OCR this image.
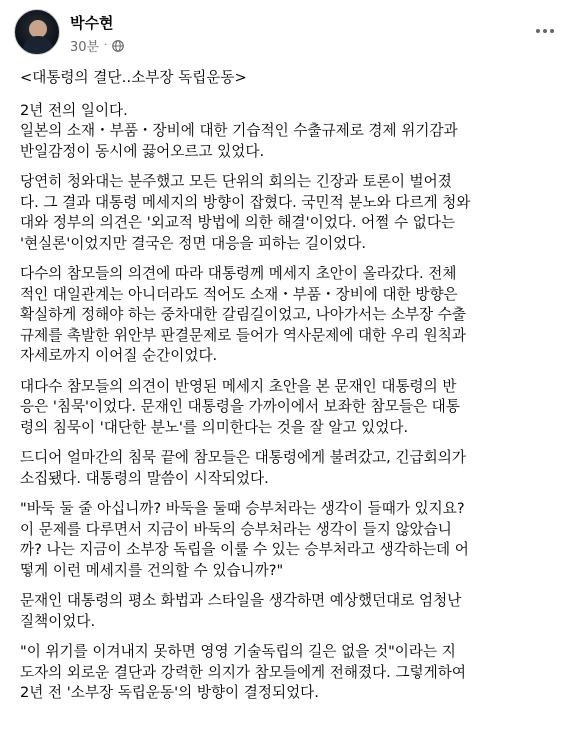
박수현
30분 ·

<대통령의 결단‥소부장 독립운동>

2년 전의 일이다.
일본의 소재・부품・장비에 대한 기습적인 수출규제로 경제 위기감과
반일감정이 동시에 끓어오르고 있었다.

당연히 청와대는 분주했고 모든 단위의 회의는 긴장과 토론이 벌어졌
다. 그 결과 대통령 메세지의 방향이 잡혔다. 국민적 분노와 다르게 청와
대와 정부의 의견은 '외교적 방법에 의한 해결'이었다. 어쩔 수 없다는
'현실론'이었지만 결국은 정면 대응을 피하는 길이었다.

다수의 참모들의 의견에 따라 대통령께 메세지 초안이 올라갔다. 전체
적인 대일관계는 아니더라도 적어도 소재・부품・장비에 대한 방향은
확실하게 정해야 하는 중차대한 갈림길이었고, 나아가서는 소부장 수출
규제를 촉발한 위안부 판결문제로 들어가 역사문제에 대한 우리 원칙과
자세로까지 이어질 순간이었다.

대다수 참모들의 의견이 반영된 메세지 초안을 본 문재인 대통령의 반
응은 '침묵'이었다. 문재인 대통령을 가까이에서 보좌한 참모들은 대통
령의 침묵이 '대단한 분노'를 의미한다는 것을 잘 알고 있었다.

드디어 얼마간의 침묵 끝에 참모들은 대통령에게 불려갔고, 긴급회의가
소집됐다. 대통령의 말씀이 시작되었다.

"바둑 둘 줄 아십니까? 바둑을 둘때 승부처라는 생각이 들때가 있지요?
이 문제를 다루면서 지금이 바둑의 승부처라는 생각이 들지 않았습니
까? 나는 지금이 소부장 독립을 이룰 수 있는 승부처라고 생각하는데 어
떻게 이런 메세지를 건의할 수 있습니까?"

문재인 대통령의 평소 화법과 스타일을 생각하면 예상했던대로 엄청난
질책이었다.

"이 위기를 이겨내지 못하면 영영 기술독립의 길은 없을 것"이라는 지
도자의 외로운 결단과 강력한 의지가 참모들에게 전해졌다. 그렇게하여
2년 전 '소부장 독립운동'의 방향이 결정되었다.
